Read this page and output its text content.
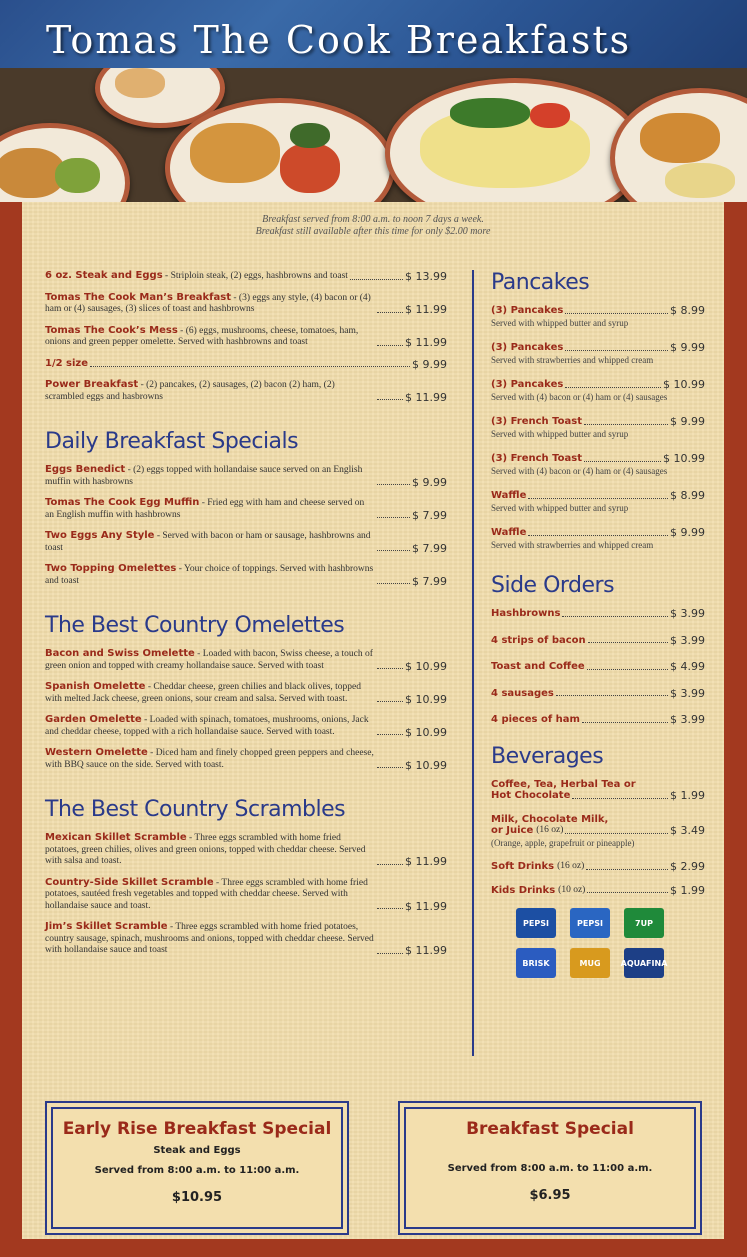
Tomas The Cook Breakfasts
Breakfast served from 8:00 a.m. to noon 7 days a week.
Breakfast still available after this time for only $2.00 more
6 oz. Steak and Eggs - Striploin steak, (2) eggs, hashbrowns and toast	$ 13.99
Tomas The Cook Man’s Breakfast - (3) eggs any style, (4) bacon or (4) ham or (4) sausages, (3) slices of toast and hashbrowns	$ 11.99
Tomas The Cook’s Mess - (6) eggs, mushrooms, cheese, tomatoes, ham, onions and green pepper omelette. Served with hashbrowns and toast	$ 11.99
1/2 size	$ 9.99
Power Breakfast - (2) pancakes, (2) sausages, (2) bacon (2) ham, (2) scrambled eggs and hasbrowns	$ 11.99
Daily Breakfast Specials
Eggs Benedict - (2) eggs topped with hollandaise sauce served on an English muffin with hasbrowns	$ 9.99
Tomas The Cook Egg Muffin - Fried egg with ham and cheese served on an English muffin with hashbrowns	$ 7.99
Two Eggs Any Style - Served with bacon or ham or sausage, hashbrowns and toast	$ 7.99
Two Topping Omelettes - Your choice of toppings. Served with hashbrowns and toast	$ 7.99
The Best Country Omelettes
Bacon and Swiss Omelette - Loaded with bacon, Swiss cheese, a touch of green onion and topped with creamy hollandaise sauce. Served with toast	$ 10.99
Spanish Omelette - Cheddar cheese, green chilies and black olives, topped with melted Jack cheese, green onions, sour cream and salsa. Served with toast.	$ 10.99
Garden Omelette - Loaded with spinach, tomatoes, mushrooms, onions, Jack and cheddar cheese, topped with a rich hollandaise sauce. Served with toast.	$ 10.99
Western Omelette - Diced ham and finely chopped green peppers and cheese, with BBQ sauce on the side. Served with toast.	$ 10.99
The Best Country Scrambles
Mexican Skillet Scramble - Three eggs scrambled with home fried potatoes, green chilies, olives and green onions, topped with cheddar cheese. Served with salsa and toast.	$ 11.99
Country-Side Skillet Scramble - Three eggs scrambled with home fried potatoes, sautéed fresh vegetables and topped with cheddar cheese. Served with hollandaise sauce and toast.	$ 11.99
Jim’s Skillet Scramble - Three eggs scrambled with home fried potatoes, country sausage, spinach, mushrooms and onions, topped with cheddar cheese. Served with hollandaise sauce and toast	$ 11.99
Pancakes
(3) Pancakes	$ 8.99
Served with whipped butter and syrup
(3) Pancakes	$ 9.99
Served with strawberries and whipped cream
(3) Pancakes	$ 10.99
Served with (4) bacon or (4) ham or (4) sausages
(3) French Toast	$ 9.99
Served with whipped butter and syrup
(3) French Toast	$ 10.99
Served with (4) bacon or (4) ham or (4) sausages
Waffle	$ 8.99
Served with whipped butter and syrup
Waffle	$ 9.99
Served with strawberries and whipped cream
Side Orders
Hashbrowns	$ 3.99
4 strips of bacon	$ 3.99
Toast and Coffee	$ 4.99
4 sausages	$ 3.99
4 pieces of ham	$ 3.99
Beverages
Coffee, Tea, Herbal Tea or
Hot Chocolate	$ 1.99
Milk, Chocolate Milk,
or Juice (16 oz)	$ 3.49
(Orange, apple, grapefruit or pineapple)
Soft Drinks (16 oz)	$ 2.99
Kids Drinks (10 oz)	$ 1.99
PEPSI	PEPSI	7UP
BRISK	MUG	AQUAFINA
Early Rise Breakfast Special
Steak and Eggs
Served from 8:00 a.m. to 11:00 a.m.
$10.95
Breakfast Special
Served from 8:00 a.m. to 11:00 a.m.
$6.95
